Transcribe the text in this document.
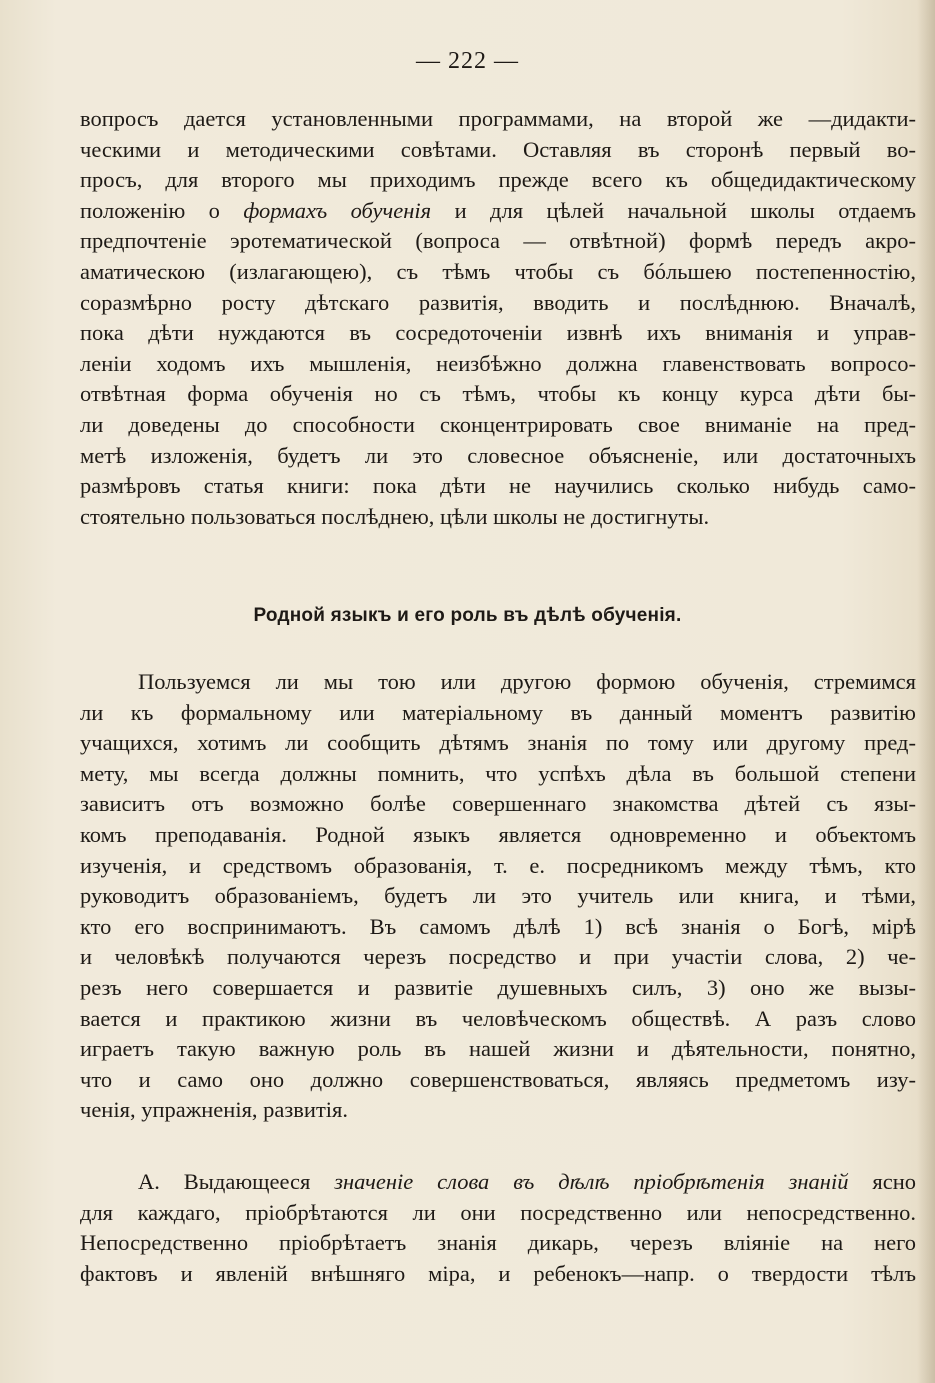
— 222 —
вопросъ дается установленными программами, на второй же —дидакти-
ческими и методическими совѣтами. Оставляя въ сторонѣ первый во-
просъ, для второго мы приходимъ прежде всего къ общедидактическому
положенію о формахъ обученія и для цѣлей начальной школы отдаемъ
предпочтеніе эротематической (вопроса — отвѣтной) формѣ передъ акро-
аматическою (излагающею), съ тѣмъ чтобы съ бóльшею постепенностію,
соразмѣрно росту дѣтскаго развитія, вводить и послѣднюю. Вначалѣ,
пока дѣти нуждаются въ сосредоточеніи извнѣ ихъ вниманія и управ-
леніи ходомъ ихъ мышленія, неизбѣжно должна главенствовать вопросо-
отвѣтная форма обученія но съ тѣмъ, чтобы къ концу курса дѣти бы-
ли доведены до способности сконцентрировать свое вниманіе на пред-
метѣ изложенія, будетъ ли это словесное объясненіе, или достаточныхъ
размѣровъ статья книги: пока дѣти не научились сколько нибудь само-
стоятельно пользоваться послѣднею, цѣли школы не достигнуты.
Родной языкъ и его роль въ дѣлѣ обученія.
Пользуемся ли мы тою или другою формою обученія, стремимся
ли къ формальному или матеріальному въ данный моментъ развитію
учащихся, хотимъ ли сообщить дѣтямъ знанія по тому или другому пред-
мету, мы всегда должны помнить, что успѣхъ дѣла въ большой степени
зависитъ отъ возможно болѣе совершеннаго знакомства дѣтей съ язы-
комъ преподаванія. Родной языкъ является одновременно и объектомъ
изученія, и средствомъ образованія, т. е. посредникомъ между тѣмъ, кто
руководитъ образованіемъ, будетъ ли это учитель или книга, и тѣми,
кто его воспринимаютъ. Въ самомъ дѣлѣ 1) всѣ знанія о Богѣ, мірѣ
и человѣкѣ получаются черезъ посредство и при участіи слова, 2) че-
резъ него совершается и развитіе душевныхъ силъ, 3) оно же вызы-
вается и практикою жизни въ человѣческомъ обществѣ. А разъ слово
играетъ такую важную роль въ нашей жизни и дѣятельности, понятно,
что и само оно должно совершенствоваться, являясь предметомъ изу-
ченія, упражненія, развитія.
А. Выдающееся значеніе слова въ дѣлѣ пріобрѣтенія знаній ясно
для каждаго, пріобрѣтаются ли они посредственно или непосредственно.
Непосредственно пріобрѣтаетъ знанія дикарь, черезъ вліяніе на него
фактовъ и явленій внѣшняго міра, и ребенокъ—напр. о твердости тѣлъ
